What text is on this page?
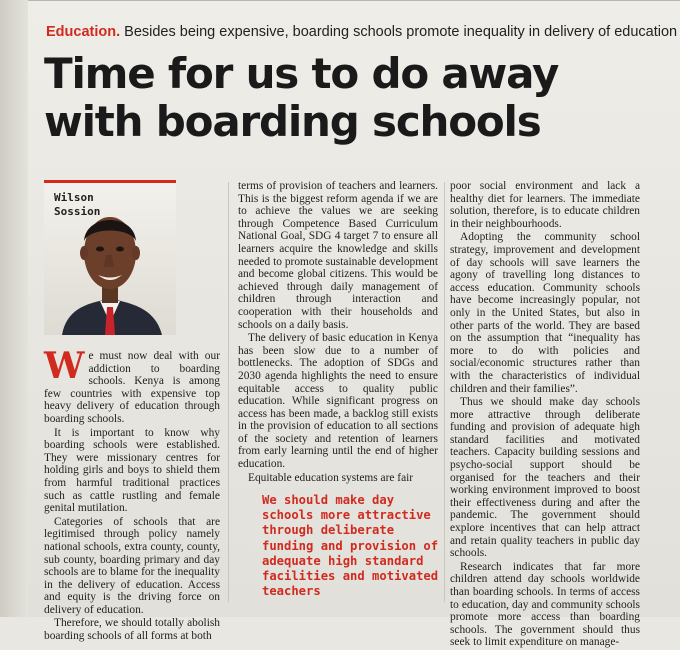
Education. Besides being expensive, boarding schools promote inequality in delivery of education
Time for us to do away
with boarding schools
Wilson
Sossion

We must now deal with our addiction to boarding schools. Kenya is among few countries with expensive top heavy delivery of education through boarding schools.

It is important to know why boarding schools were established. They were missionary centres for holding girls and boys to shield them from harmful traditional practices such as cattle rustling and female genital mutilation.

Categories of schools that are legitimised through policy namely national schools, extra county, county, sub county, boarding primary and day schools are to blame for the inequality in the delivery of education. Access and equity is the driving force on delivery of education.

Therefore, we should totally abolish boarding schools of all forms at both

terms of provision of teachers and learners. This is the biggest reform agenda if we are to achieve the values we are seeking through Competence Based Curriculum National Goal, SDG 4 target 7 to ensure all learners acquire the knowledge and skills needed to promote sustainable development and become global citizens. This would be achieved through daily management of children through interaction and cooperation with their households and schools on a daily basis.

The delivery of basic education in Kenya has been slow due to a number of bottlenecks. The adoption of SDGs and 2030 agenda highlights the need to ensure equitable access to quality public education. While significant progress on access has been made, a backlog still exists in the provision of education to all sections of the society and retention of learners from early learning until the end of higher education.

Equitable education systems are fair

We should make day schools more attractive through deliberate funding and provision of adequate high standard facilities and motivated teachers

poor social environment and lack a healthy diet for learners. The immediate solution, therefore, is to educate children in their neighbourhoods.

Adopting the community school strategy, improvement and development of day schools will save learners the agony of travelling long distances to access education. Community schools have become increasingly popular, not only in the United States, but also in other parts of the world. They are based on the assumption that “inequality has more to do with policies and social/economic structures rather than with the characteristics of individual children and their families”.

Thus we should make day schools more attractive through deliberate funding and provision of adequate high standard facilities and motivated teachers. Capacity building sessions and psycho-social support should be organised for the teachers and their working environment improved to boost their effectiveness during and after the pandemic. The government should explore incentives that can help attract and retain quality teachers in public day schools.

Research indicates that far more children attend day schools worldwide than boarding schools. In terms of access to education, day and community schools promote more access than boarding schools. The government should thus seek to limit expenditure on manage-
